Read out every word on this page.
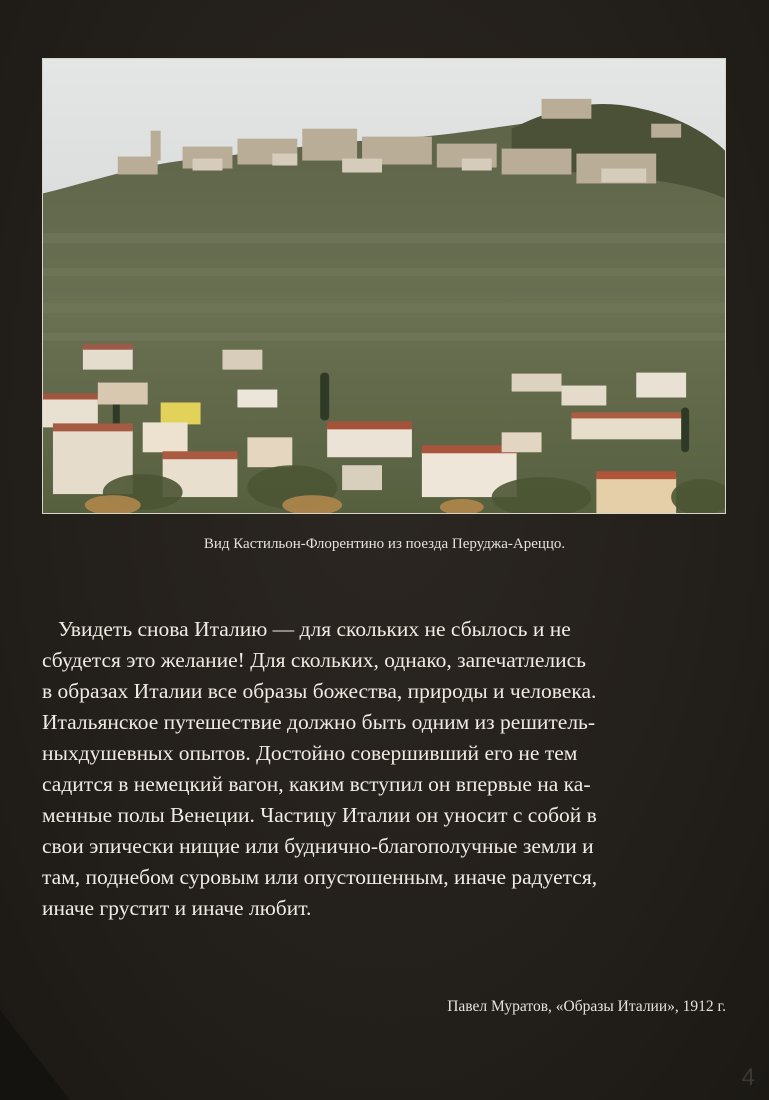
Вид Кастильон-Флорентино из поезда Перуджа-Ареццо.

Увидеть снова Италию — для скольких не сбылось и не
сбудется это желание! Для скольких, однако, запечатлелись
в образах Италии все образы божества, природы и человека.
Итальянское путешествие должно быть одним из решитель-
ныхдушевных опытов. Достойно совершивший его не тем
садится в немецкий вагон, каким вступил он впервые на ка-
менные полы Венеции. Частицу Италии он уносит с собой в
свои эпически нищие или буднично-благополучные земли и
там, поднебом суровым или опустошенным, иначе радуется,
иначе грустит и иначе любит.

Павел Муратов, «Образы Италии», 1912 г.
4
